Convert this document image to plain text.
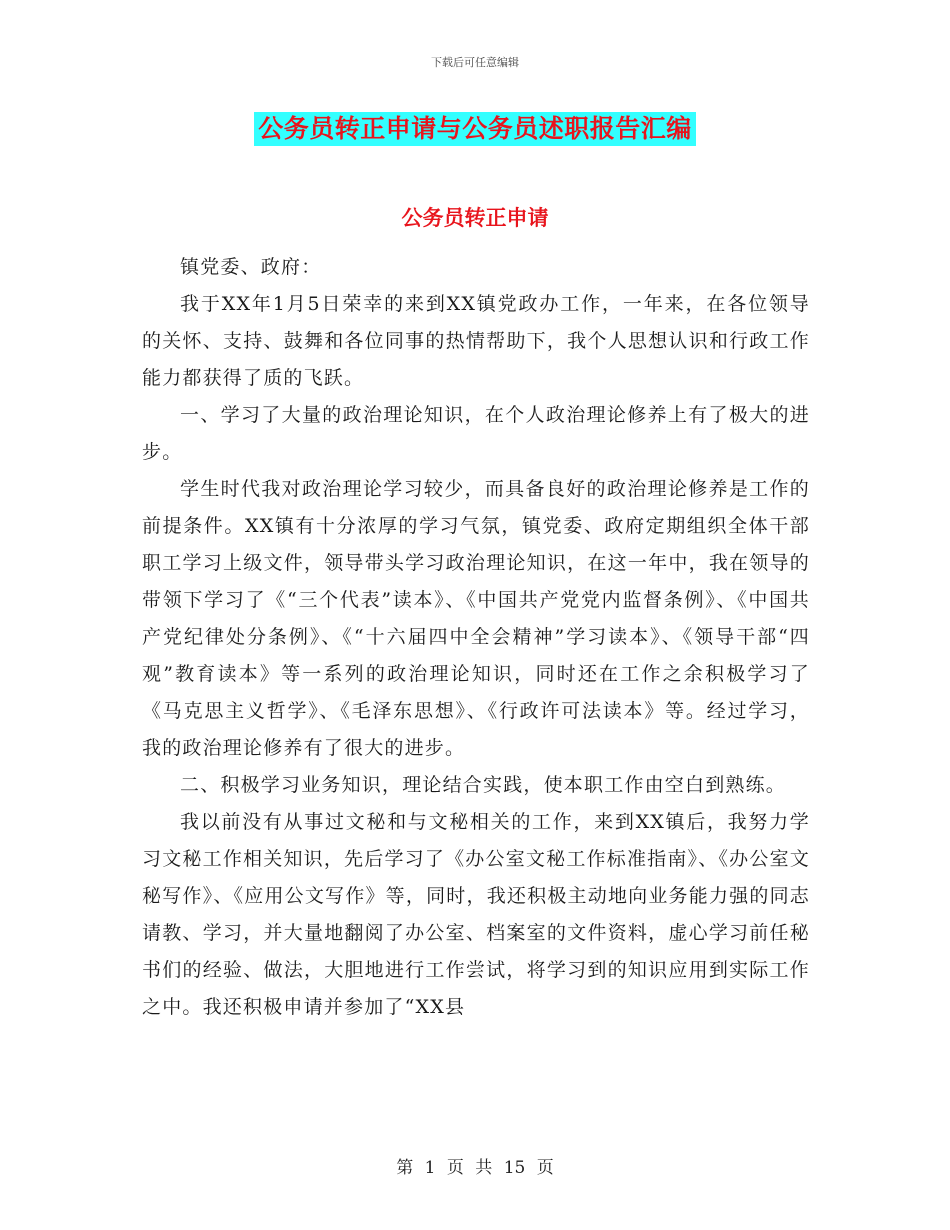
下载后可任意编辑
公务员转正申请与公务员述职报告汇编
公务员转正申请

镇党委、政府：

我于XX年1月5日荣幸的来到XX镇党政办工作，一年来，在各位领导的关怀、支持、鼓舞和各位同事的热情帮助下，我个人思想认识和行政工作能力都获得了质的飞跃。

一、学习了大量的政治理论知识，在个人政治理论修养上有了极大的进步。

学生时代我对政治理论学习较少，而具备良好的政治理论修养是工作的前提条件。XX镇有十分浓厚的学习气氛，镇党委、政府定期组织全体干部职工学习上级文件，领导带头学习政治理论知识，在这一年中，我在领导的带领下学习了《“三个代表”读本》、《中国共产党党内监督条例》、《中国共产党纪律处分条例》、《“十六届四中全会精神”学习读本》、《领导干部“四观”教育读本》等一系列的政治理论知识，同时还在工作之余积极学习了《马克思主义哲学》、《毛泽东思想》、《行政许可法读本》等。经过学习，我的政治理论修养有了很大的进步。

二、积极学习业务知识，理论结合实践，使本职工作由空白到熟练。

我以前没有从事过文秘和与文秘相关的工作，来到XX镇后，我努力学习文秘工作相关知识，先后学习了《办公室文秘工作标准指南》、《办公室文秘写作》、《应用公文写作》等，同时，我还积极主动地向业务能力强的同志请教、学习，并大量地翻阅了办公室、档案室的文件资料，虚心学习前任秘书们的经验、做法，大胆地进行工作尝试，将学习到的知识应用到实际工作之中。我还积极申请并参加了“XX县

第 1 页 共 15 页
